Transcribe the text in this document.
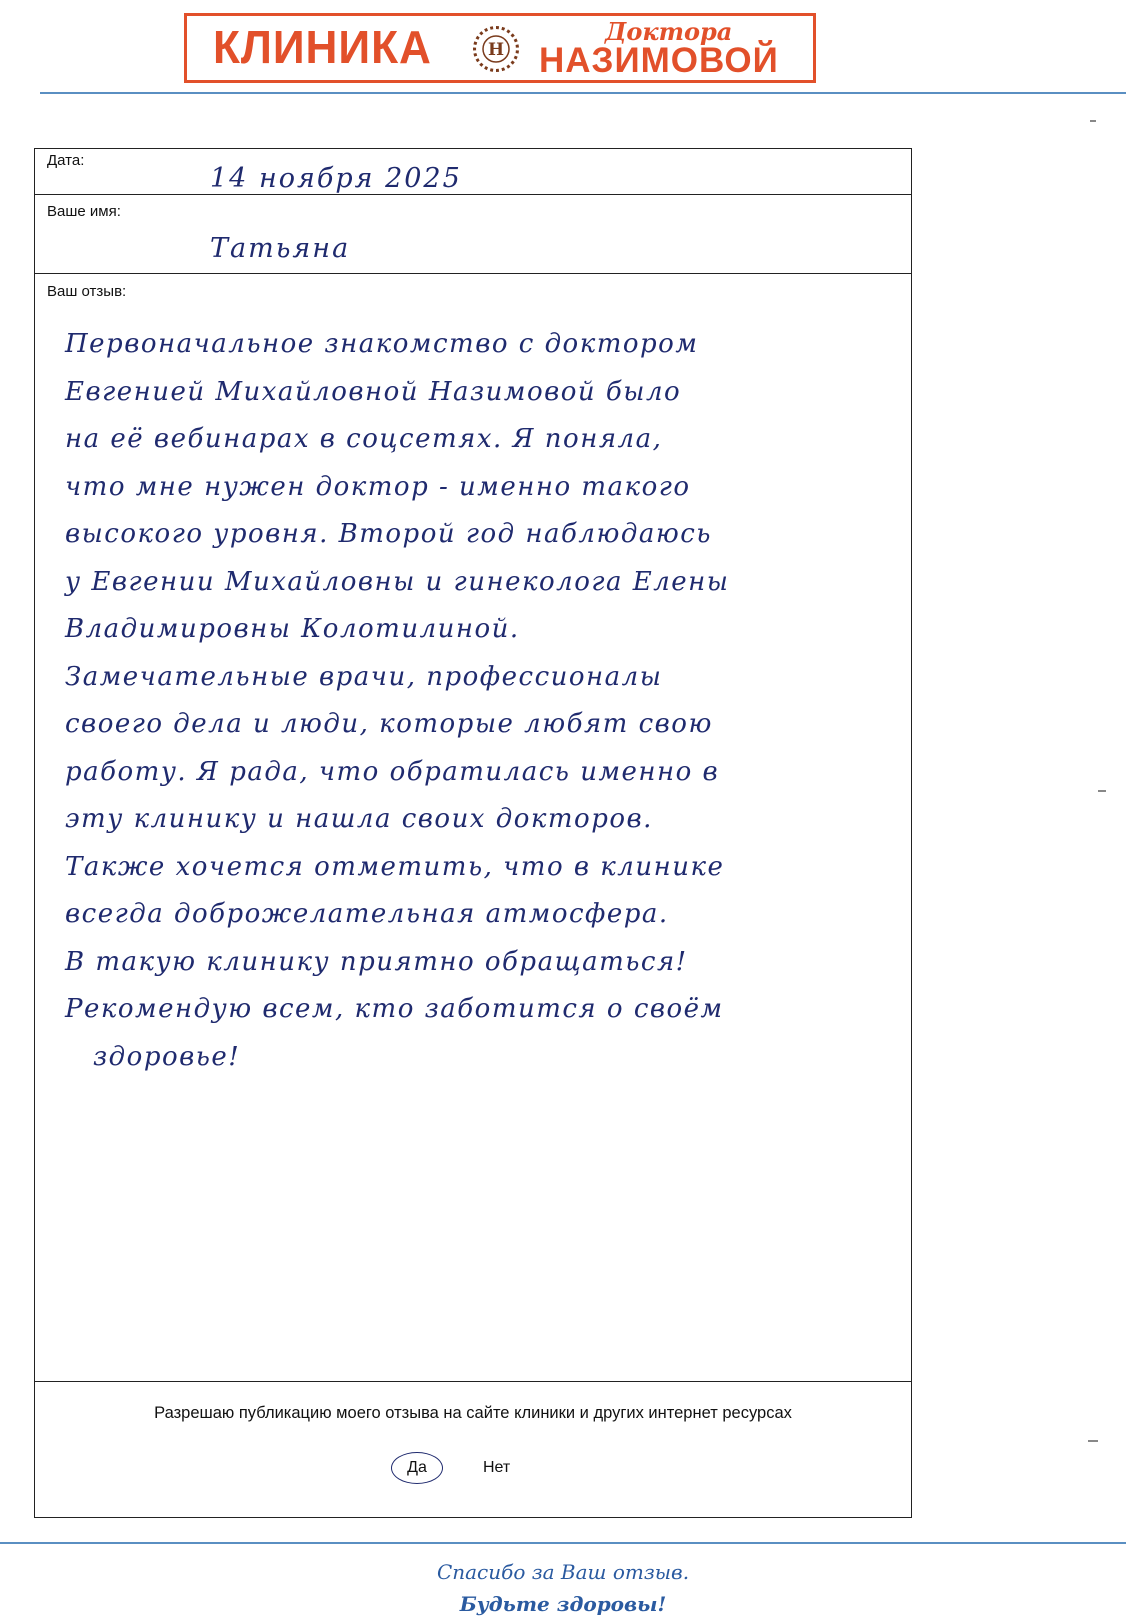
КЛИНИКА	Н
Доктора
НАЗИМОВОЙ
Дата:
14 ноября 2025
Ваше имя:
Татьяна
Ваш отзыв:
Первоначальное знакомство с доктором
Евгенией Михайловной Назимовой было
на её вебинарах в соцсетях. Я поняла,
что мне нужен доктор - именно такого
высокого уровня. Второй год наблюдаюсь
у Евгении Михайловны и гинеколога Елены
Владимировны Колотилиной.
Замечательные врачи, профессионалы
своего дела и люди, которые любят свою
работу. Я рада, что обратилась именно в
эту клинику и нашла своих докторов.
Также хочется отметить, что в клинике
всегда доброжелательная атмосфера.
В такую клинику приятно обращаться!
Рекомендую всем, кто заботится о своём
здоровье!
Разрешаю публикацию моего отзыва на сайте клиники и других интернет ресурсах
Да	Нет
Спасибо за Ваш отзыв.
Будьте здоровы!
